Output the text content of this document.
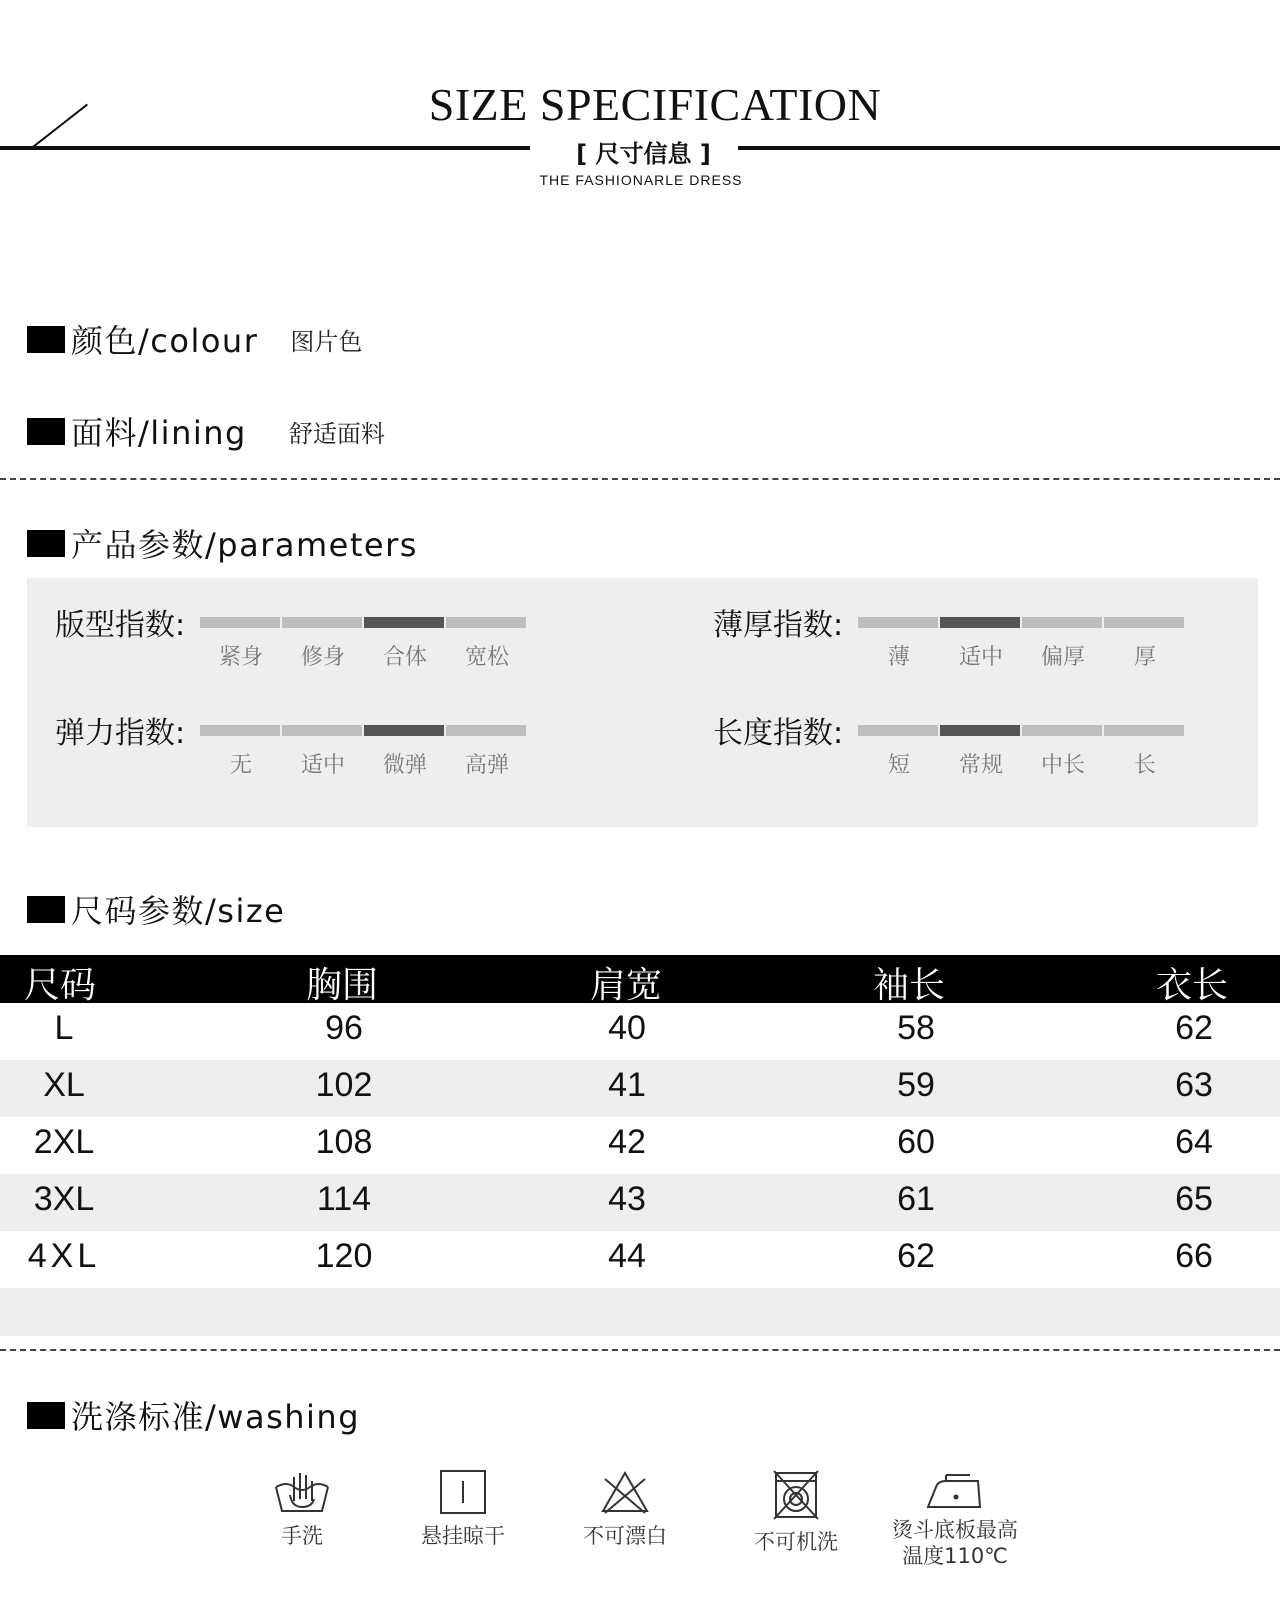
SIZE SPECIFICATION
[ 尺寸信息 ]
THE FASHIONARLE DRESS
颜色/colour 图片色
面料/lining 舒适面料
产品参数/parameters
版型指数:
紧身	修身	合体	宽松
弹力指数:
无	适中	微弹	高弹
薄厚指数:
薄	适中	偏厚	厚
长度指数:
短	常规	中长	长
尺码参数/size
尺码	胸围	肩宽	袖长	衣长
L	96	40	58	62
XL	102	41	59	63
2XL	108	42	60	64
3XL	114	43	61	65
4XL	120	44	62	66
洗涤标准/washing
手洗	悬挂晾干	不可漂白	不可机洗	烫斗底板最高
温度110℃
